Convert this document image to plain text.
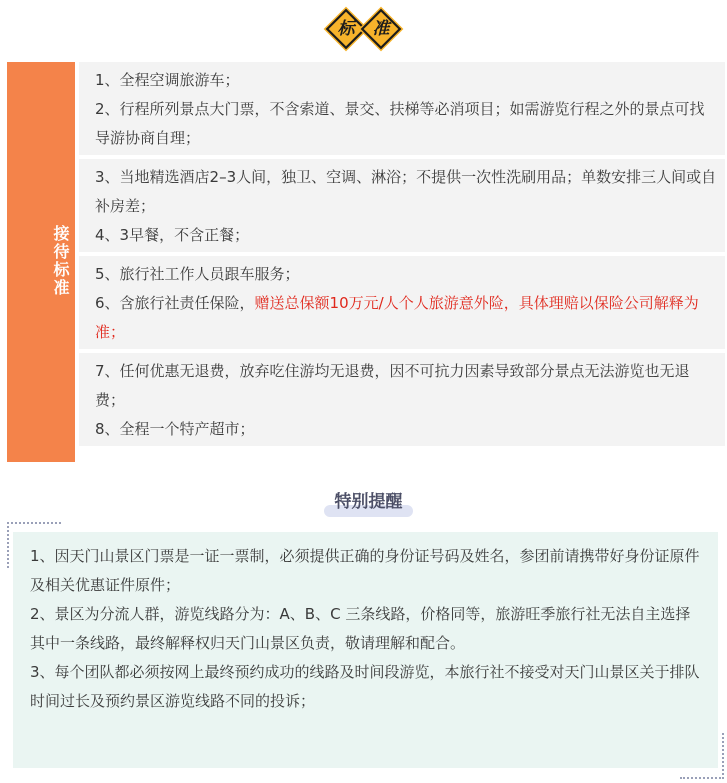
标	准
接待标准

1、全程空调旅游车；

2、行程所列景点大门票，不含索道、景交、扶梯等必消项目；如需游览行程之外的景点可找导游协商自理；

3、当地精选酒店2–3人间，独卫、空调、淋浴；不提供一次性洗刷用品；单数安排三人间或自补房差；

4、3早餐，不含正餐；

5、旅行社工作人员跟车服务；

6、含旅行社责任保险，赠送总保额10万元/人个人旅游意外险，具体理赔以保险公司解释为准；

7、任何优惠无退费，放弃吃住游均无退费，因不可抗力因素导致部分景点无法游览也无退费；

8、全程一个特产超市；

特别提醒

1、因天门山景区门票是一证一票制，必须提供正确的身份证号码及姓名，参团前请携带好身份证原件及相关优惠证件原件；

2、景区为分流人群，游览线路分为：A、B、C 三条线路，价格同等，旅游旺季旅行社无法自主选择其中一条线路，最终解释权归天门山景区负责，敬请理解和配合。

3、每个团队都必须按网上最终预约成功的线路及时间段游览，本旅行社不接受对天门山景区关于排队时间过长及预约景区游览线路不同的投诉；
